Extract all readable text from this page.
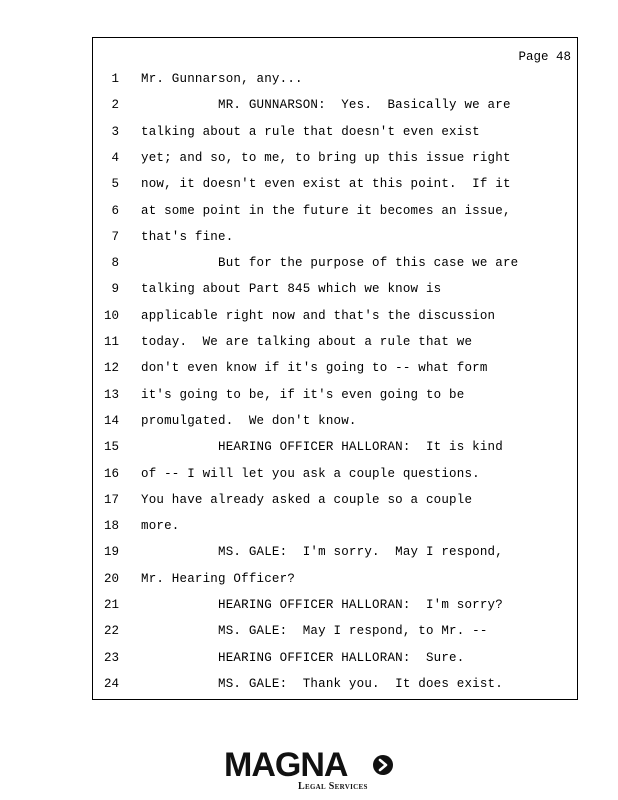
Page 48
1 Mr. Gunnarson, any...
2 MR. GUNNARSON:  Yes.  Basically we are
3 talking about a rule that doesn't even exist
4 yet; and so, to me, to bring up this issue right
5 now, it doesn't even exist at this point.  If it
6 at some point in the future it becomes an issue,
7 that's fine.
8 But for the purpose of this case we are
9 talking about Part 845 which we know is
10 applicable right now and that's the discussion
11 today.  We are talking about a rule that we
12 don't even know if it's going to -- what form
13 it's going to be, if it's even going to be
14 promulgated.  We don't know.
15 HEARING OFFICER HALLORAN:  It is kind
16 of -- I will let you ask a couple questions.
17 You have already asked a couple so a couple
18 more.
19 MS. GALE:  I'm sorry.  May I respond,
20 Mr. Hearing Officer?
21 HEARING OFFICER HALLORAN:  I'm sorry?
22 MS. GALE:  May I respond, to Mr. --
23 HEARING OFFICER HALLORAN:  Sure.
24 MS. GALE:  Thank you.  It does exist.
MAGNA
Legal Services
